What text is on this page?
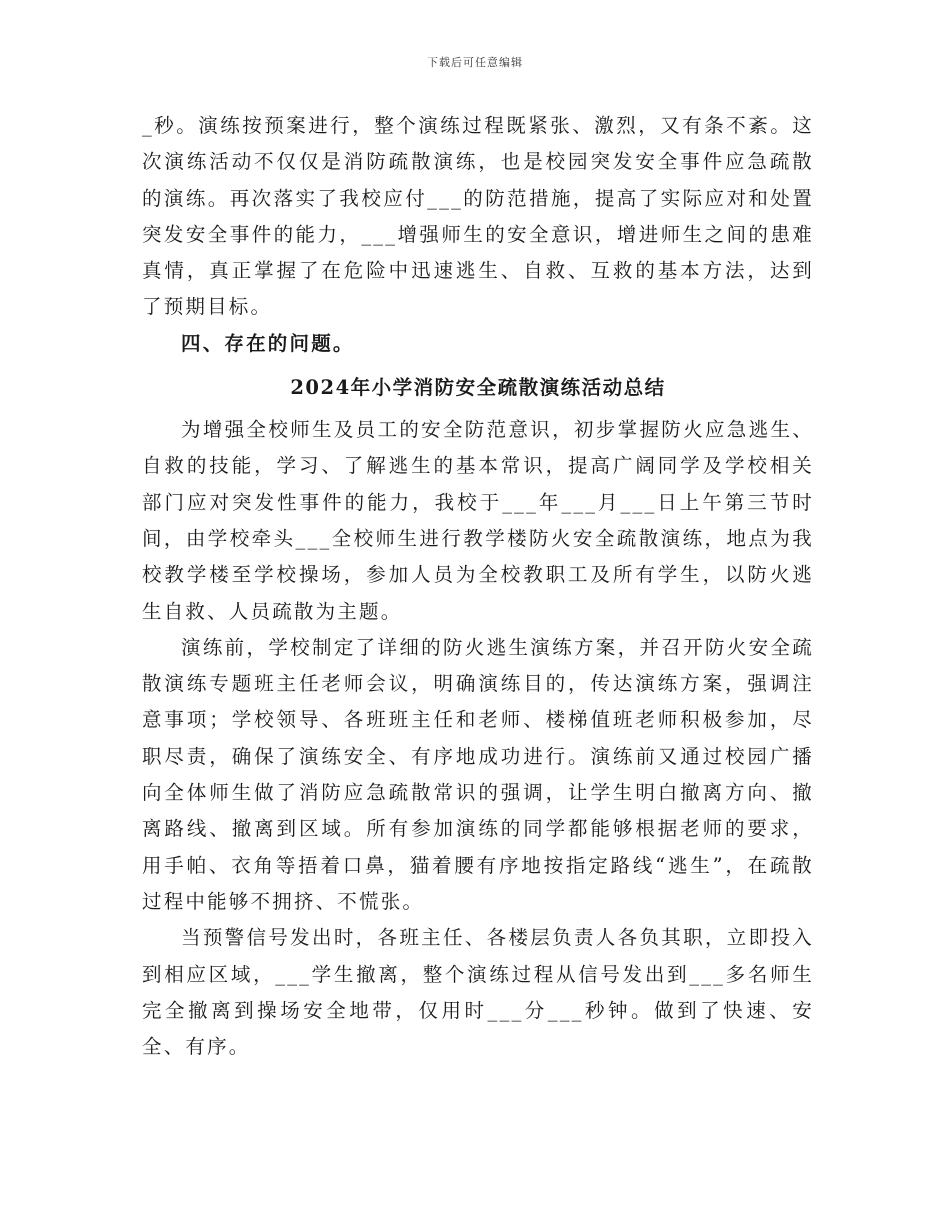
下载后可任意编辑

_秒。演练按预案进行，整个演练过程既紧张、激烈，又有条不紊。这次演练活动不仅仅是消防疏散演练，也是校园突发安全事件应急疏散的演练。再次落实了我校应付___的防范措施，提高了实际应对和处置突发安全事件的能力，___增强师生的安全意识，增进师生之间的患难真情，真正掌握了在危险中迅速逃生、自救、互救的基本方法，达到了预期目标。

四、存在的问题。

2024年小学消防安全疏散演练活动总结

为增强全校师生及员工的安全防范意识，初步掌握防火应急逃生、自救的技能，学习、了解逃生的基本常识，提高广阔同学及学校相关部门应对突发性事件的能力，我校于___年___月___日上午第三节时间，由学校牵头___全校师生进行教学楼防火安全疏散演练，地点为我校教学楼至学校操场，参加人员为全校教职工及所有学生，以防火逃生自救、人员疏散为主题。

演练前，学校制定了详细的防火逃生演练方案，并召开防火安全疏散演练专题班主任老师会议，明确演练目的，传达演练方案，强调注意事项；学校领导、各班班主任和老师、楼梯值班老师积极参加，尽职尽责，确保了演练安全、有序地成功进行。演练前又通过校园广播向全体师生做了消防应急疏散常识的强调，让学生明白撤离方向、撤离路线、撤离到区域。所有参加演练的同学都能够根据老师的要求，用手帕、衣角等捂着口鼻，猫着腰有序地按指定路线“逃生”，在疏散过程中能够不拥挤、不慌张。

当预警信号发出时，各班主任、各楼层负责人各负其职，立即投入到相应区域，___学生撤离，整个演练过程从信号发出到___多名师生完全撤离到操场安全地带，仅用时___分___秒钟。做到了快速、安全、有序。
